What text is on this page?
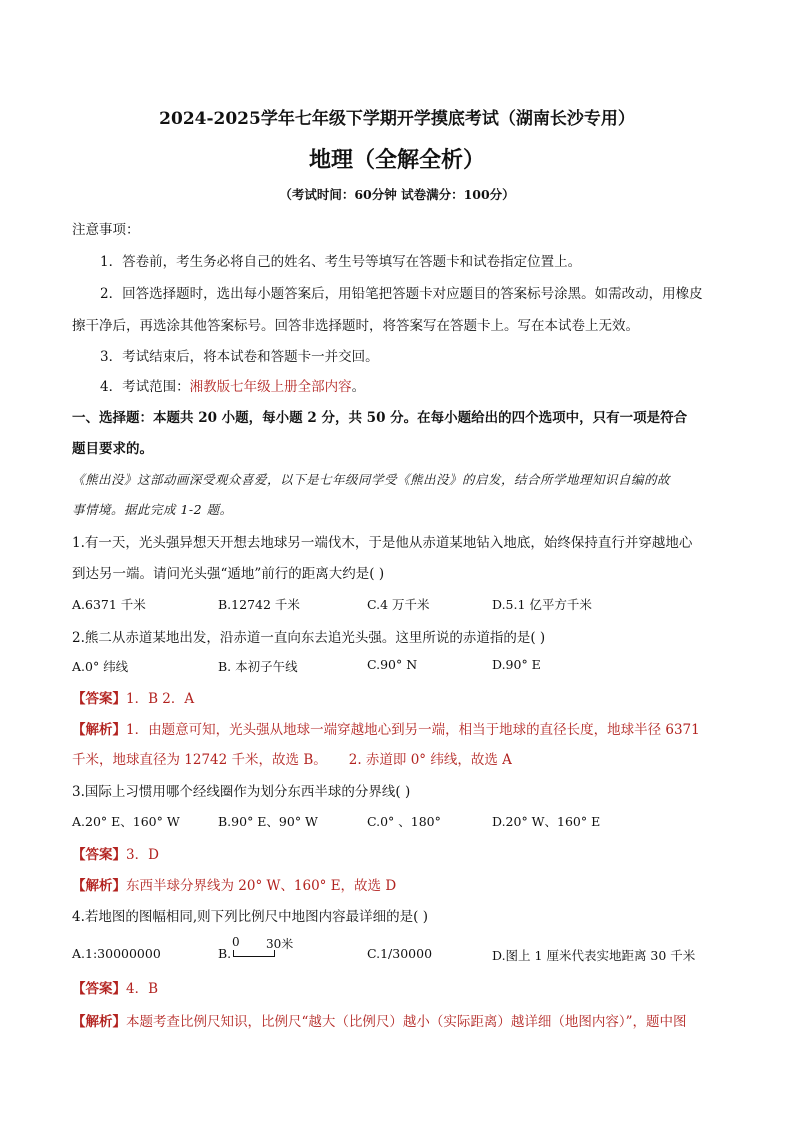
2024-2025学年七年级下学期开学摸底考试（湖南长沙专用）
地理（全解全析）
（考试时间：60分钟 试卷满分：100分）
注意事项：
1．答卷前，考生务必将自己的姓名、考生号等填写在答题卡和试卷指定位置上。
2．回答选择题时，选出每小题答案后，用铅笔把答题卡对应题目的答案标号涂黑。如需改动，用橡皮
擦干净后，再选涂其他答案标号。回答非选择题时，将答案写在答题卡上。写在本试卷上无效。
3．考试结束后，将本试卷和答题卡一并交回。
4．考试范围：湘教版七年级上册全部内容。
一、选择题：本题共 20 小题，每小题 2 分，共 50 分。在每小题给出的四个选项中，只有一项是符合
题目要求的。
《熊出没》这部动画深受观众喜爱，以下是七年级同学受《熊出没》的启发，结合所学地理知识自编的故
事情境。据此完成 1-2 题。
1.有一天，光头强异想天开想去地球另一端伐木，于是他从赤道某地钻入地底，始终保持直行并穿越地心
到达另一端。请问光头强“遁地”前行的距离大约是( )
A.6371 千米	B.12742 千米	C.4 万千米	D.5.1 亿平方千米
2.熊二从赤道某地出发，沿赤道一直向东去追光头强。这里所说的赤道指的是( )
A.0° 纬线	B. 本初子午线	C.90° N	D.90° E
【答案】1．B 2．A
【解析】1．由题意可知，光头强从地球一端穿越地心到另一端，相当于地球的直径长度，地球半径 6371
千米，地球直径为 12742 千米，故选 B。 2. 赤道即 0° 纬线，故选 A
3.国际上习惯用哪个经线圈作为划分东西半球的分界线( )
A.20° E、160° W	B.90° E、90° W	C.0° 、180°	D.20° W、160° E
【答案】3．D
【解析】东西半球分界线为 20° W、160° E，故选 D
4.若地图的图幅相同,则下列比例尺中地图内容最详细的是( )
A.1:30000000	B.
0 30米
C.1/30000	D.图上 1 厘米代表实地距离 30 千米
【答案】4．B
【解析】本题考查比例尺知识，比例尺“越大（比例尺）越小（实际距离）越详细（地图内容）”，题中图
